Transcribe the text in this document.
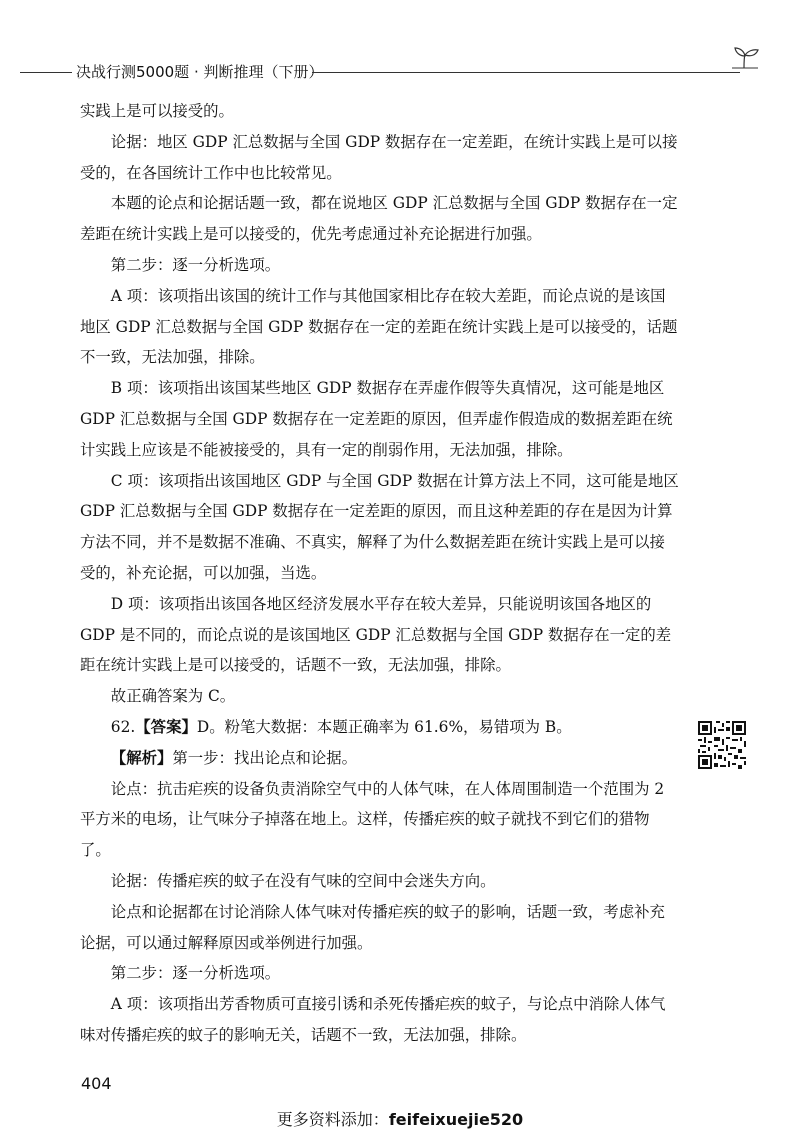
决战行测5000题 · 判断推理（下册）

实践上是可以接受的。

论据：地区 GDP 汇总数据与全国 GDP 数据存在一定差距，在统计实践上是可以接受的，在各国统计工作中也比较常见。

本题的论点和论据话题一致，都在说地区 GDP 汇总数据与全国 GDP 数据存在一定差距在统计实践上是可以接受的，优先考虑通过补充论据进行加强。

第二步：逐一分析选项。

A 项：该项指出该国的统计工作与其他国家相比存在较大差距，而论点说的是该国地区 GDP 汇总数据与全国 GDP 数据存在一定的差距在统计实践上是可以接受的，话题不一致，无法加强，排除。

B 项：该项指出该国某些地区 GDP 数据存在弄虚作假等失真情况，这可能是地区 GDP 汇总数据与全国 GDP 数据存在一定差距的原因，但弄虚作假造成的数据差距在统计实践上应该是不能被接受的，具有一定的削弱作用，无法加强，排除。

C 项：该项指出该国地区 GDP 与全国 GDP 数据在计算方法上不同，这可能是地区 GDP 汇总数据与全国 GDP 数据存在一定差距的原因，而且这种差距的存在是因为计算方法不同，并不是数据不准确、不真实，解释了为什么数据差距在统计实践上是可以接受的，补充论据，可以加强，当选。

D 项：该项指出该国各地区经济发展水平存在较大差异，只能说明该国各地区的 GDP 是不同的，而论点说的是该国地区 GDP 汇总数据与全国 GDP 数据存在一定的差距在统计实践上是可以接受的，话题不一致，无法加强，排除。

故正确答案为 C。

62.【答案】D。粉笔大数据：本题正确率为 61.6%，易错项为 B。

【解析】第一步：找出论点和论据。

论点：抗击疟疾的设备负责消除空气中的人体气味，在人体周围制造一个范围为 2 平方米的电场，让气味分子掉落在地上。这样，传播疟疾的蚊子就找不到它们的猎物了。

论据：传播疟疾的蚊子在没有气味的空间中会迷失方向。

论点和论据都在讨论消除人体气味对传播疟疾的蚊子的影响，话题一致，考虑补充论据，可以通过解释原因或举例进行加强。

第二步：逐一分析选项。

A 项：该项指出芳香物质可直接引诱和杀死传播疟疾的蚊子，与论点中消除人体气味对传播疟疾的蚊子的影响无关，话题不一致，无法加强，排除。

404
更多资料添加：feifeixuejie520
